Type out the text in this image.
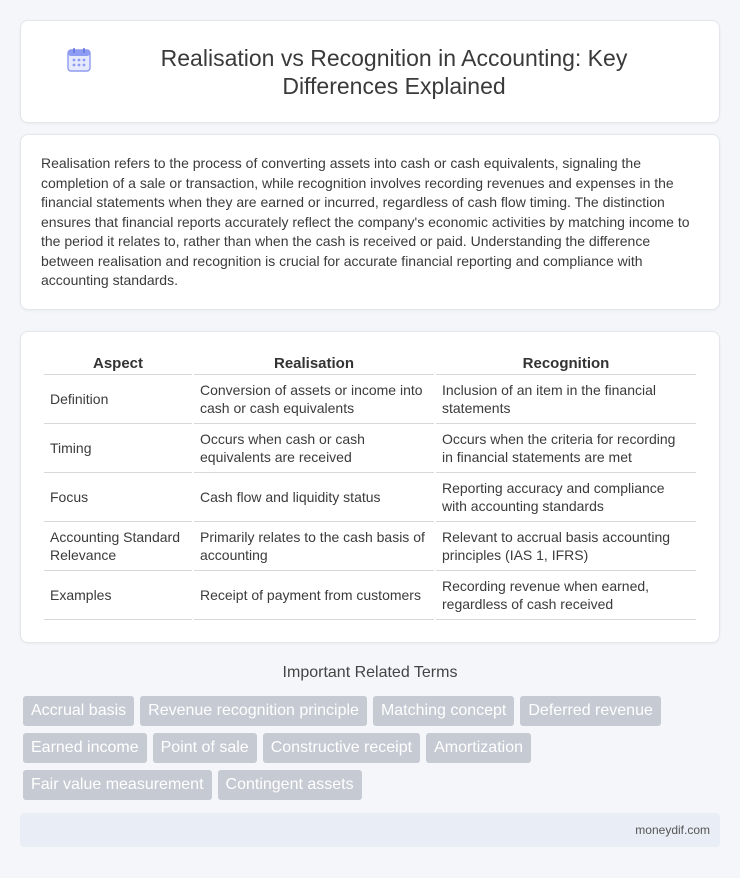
Realisation vs Recognition in Accounting: Key Differences Explained

Realisation refers to the process of converting assets into cash or cash equivalents, signaling the completion of a sale or transaction, while recognition involves recording revenues and expenses in the financial statements when they are earned or incurred, regardless of cash flow timing. The distinction ensures that financial reports accurately reflect the company's economic activities by matching income to the period it relates to, rather than when the cash is received or paid. Understanding the difference between realisation and recognition is crucial for accurate financial reporting and compliance with accounting standards.

Aspect	Realisation	Recognition
Definition	Conversion of assets or income into cash or cash equivalents	Inclusion of an item in the financial statements
Timing	Occurs when cash or cash equivalents are received	Occurs when the criteria for recording in financial statements are met
Focus	Cash flow and liquidity status	Reporting accuracy and compliance with accounting standards
Accounting Standard Relevance	Primarily relates to the cash basis of accounting	Relevant to accrual basis accounting principles (IAS 1, IFRS)
Examples	Receipt of payment from customers	Recording revenue when earned, regardless of cash received
Important Related Terms
Accrual basis	Revenue recognition principle	Matching concept	Deferred revenue
Earned income	Point of sale	Constructive receipt	Amortization
Fair value measurement	Contingent assets
moneydif.com
